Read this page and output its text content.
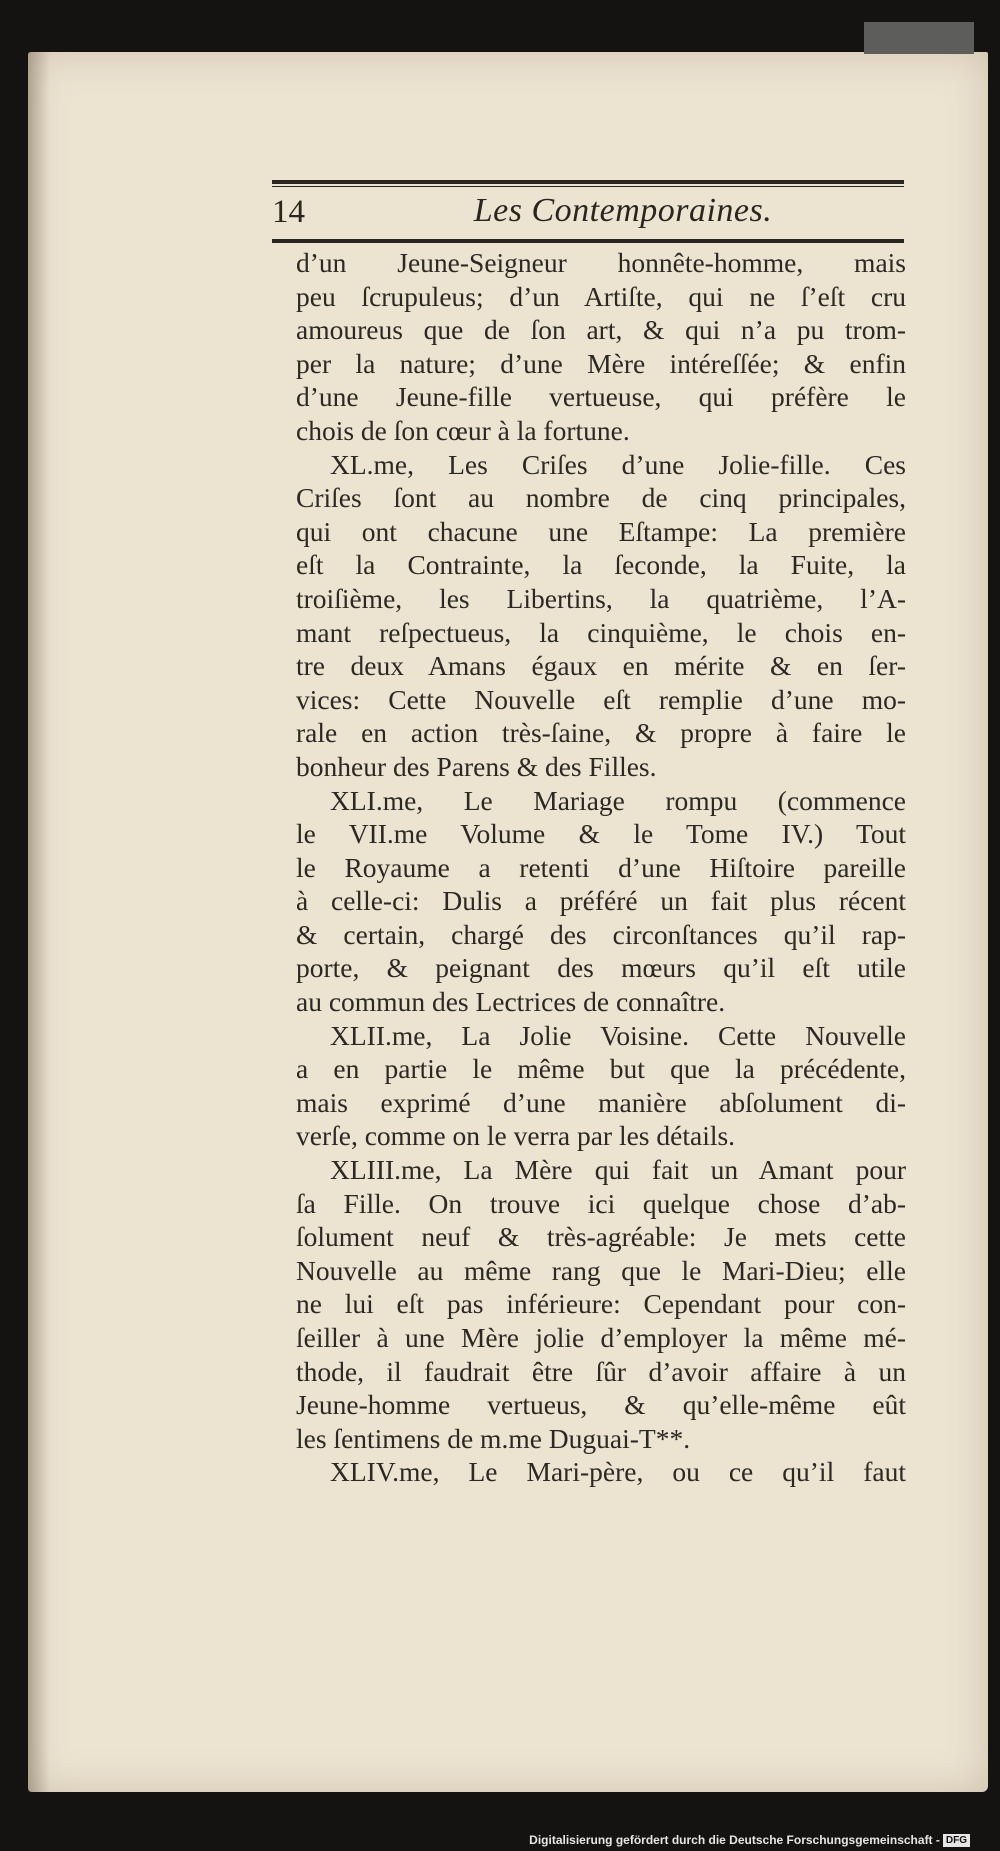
14	Les Contemporaines.
d’un Jeune-Seigneur honnête-homme, mais
peu ſcrupuleus; d’un Artiſte, qui ne ſ’eſt cru
amoureus que de ſon art, & qui n’a pu trom-
per la nature; d’une Mère intéreſſée; & enfin
d’une Jeune-fille vertueuse, qui préfère le
chois de ſon cœur à la fortune.
XL.me, Les Criſes d’une Jolie-fille. Ces
Criſes ſont au nombre de cinq principales,
qui ont chacune une Eſtampe: La première
eſt la Contrainte, la ſeconde, la Fuite, la
troiſième, les Libertins, la quatrième, l’A-
mant reſpectueus, la cinquième, le chois en-
tre deux Amans égaux en mérite & en ſer-
vices: Cette Nouvelle eſt remplie d’une mo-
rale en action très-ſaine, & propre à faire le
bonheur des Parens & des Filles.
XLI.me, Le Mariage rompu (commence
le VII.me Volume & le Tome IV.) Tout
le Royaume a retenti d’une Hiſtoire pareille
à celle-ci: Dulis a préféré un fait plus récent
& certain, chargé des circonſtances qu’il rap-
porte, & peignant des mœurs qu’il eſt utile
au commun des Lectrices de connaître.
XLII.me, La Jolie Voisine. Cette Nouvelle
a en partie le même but que la précédente,
mais exprimé d’une manière abſolument di-
verſe, comme on le verra par les détails.
XLIII.me, La Mère qui fait un Amant pour
ſa Fille. On trouve ici quelque chose d’ab-
ſolument neuf & très-agréable: Je mets cette
Nouvelle au même rang que le Mari-Dieu; elle
ne lui eſt pas inférieure: Cependant pour con-
ſeiller à une Mère jolie d’employer la même mé-
thode, il faudrait être ſûr d’avoir affaire à un
Jeune-homme vertueus, & qu’elle-même eût
les ſentimens de m.me Duguai-T**.
XLIV.me, Le Mari-père, ou ce qu’il faut
Digitalisierung gefördert durch die Deutsche Forschungsgemeinschaft - DFG
